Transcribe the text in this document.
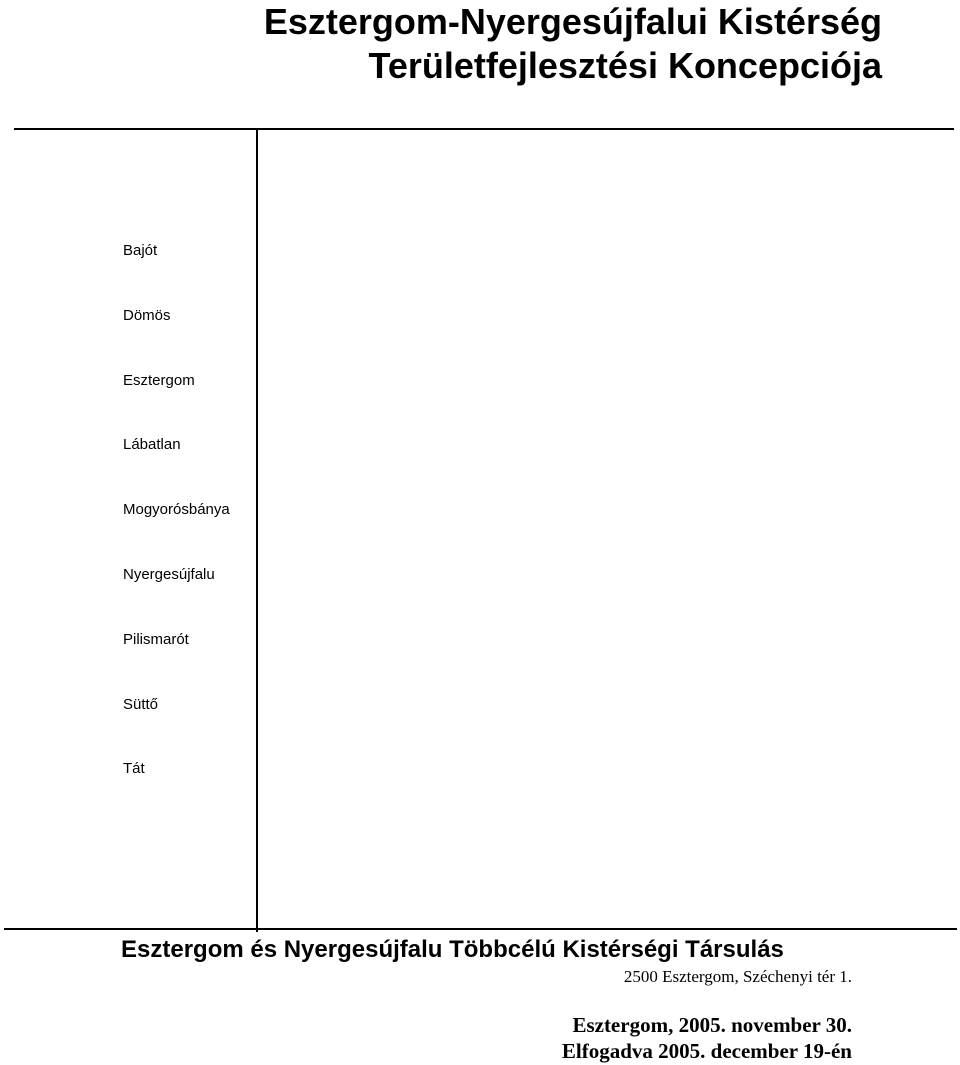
Esztergom-Nyergesújfalui Kistérség
Területfejlesztési Koncepciója
Bajót
Dömös
Esztergom
Lábatlan
Mogyorósbánya
Nyergesújfalu
Pilismarót
Süttő
Tát

Esztergom és Nyergesújfalu Többcélú Kistérségi Társulás

2500 Esztergom, Széchenyi tér 1.

Esztergom, 2005. november 30.
Elfogadva 2005. december 19-én
